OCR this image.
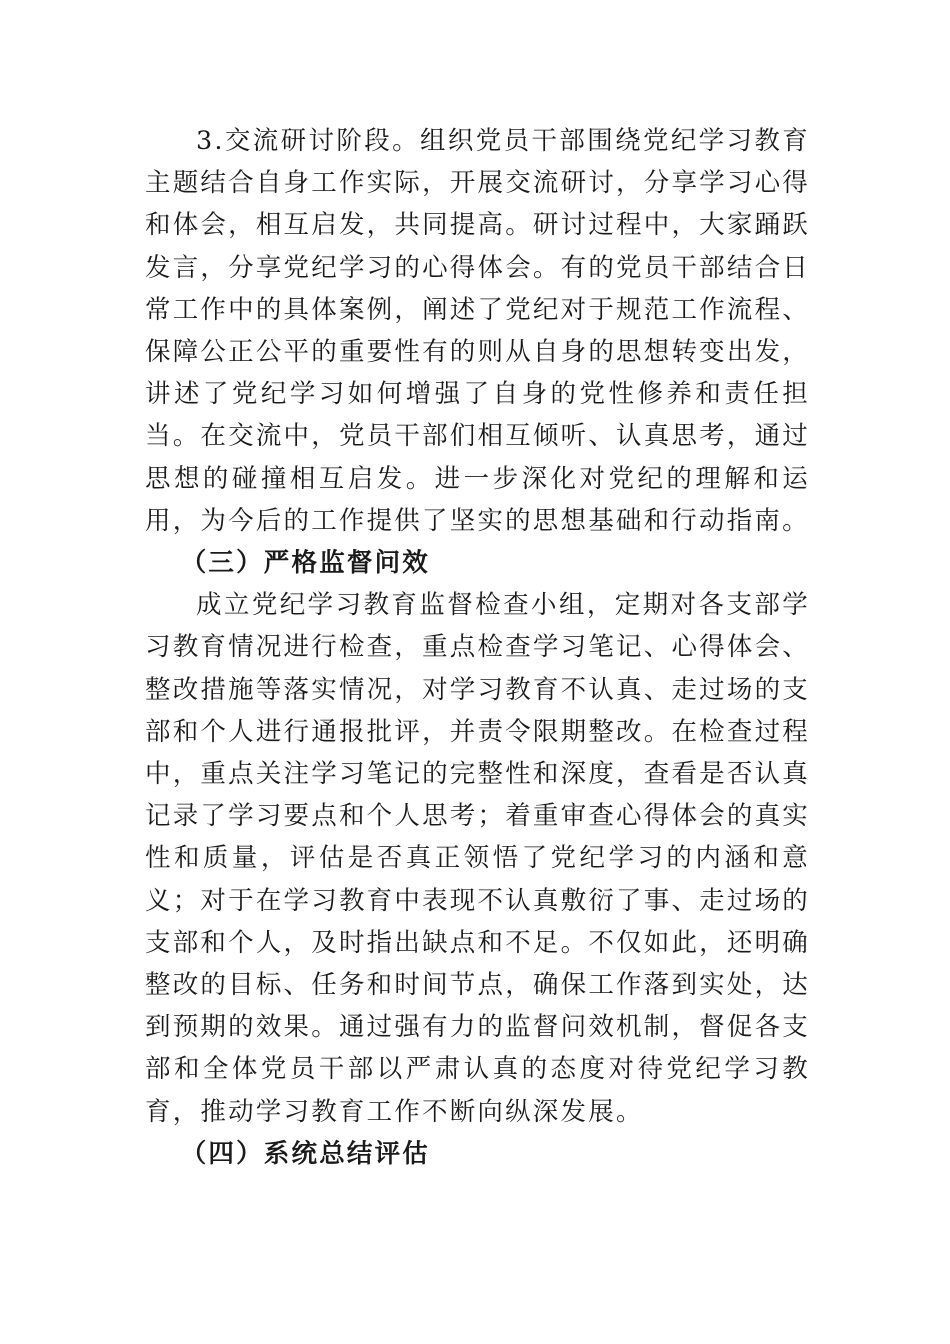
3.交流研讨阶段。组织党员干部围绕党纪学习教育主题结合自身工作实际，开展交流研讨，分享学习心得和体会，相互启发，共同提高。研讨过程中，大家踊跃发言，分享党纪学习的心得体会。有的党员干部结合日常工作中的具体案例，阐述了党纪对于规范工作流程、保障公正公平的重要性有的则从自身的思想转变出发，讲述了党纪学习如何增强了自身的党性修养和责任担当。在交流中，党员干部们相互倾听、认真思考，通过思想的碰撞相互启发。进一步深化对党纪的理解和运用，为今后的工作提供了坚实的思想基础和行动指南。

（三）严格监督问效

成立党纪学习教育监督检查小组，定期对各支部学习教育情况进行检查，重点检查学习笔记、心得体会、整改措施等落实情况，对学习教育不认真、走过场的支部和个人进行通报批评，并责令限期整改。在检查过程中，重点关注学习笔记的完整性和深度，查看是否认真记录了学习要点和个人思考；着重审查心得体会的真实性和质量，评估是否真正领悟了党纪学习的内涵和意义；对于在学习教育中表现不认真敷衍了事、走过场的支部和个人，及时指出缺点和不足。不仅如此，还明确整改的目标、任务和时间节点，确保工作落到实处，达到预期的效果。通过强有力的监督问效机制，督促各支部和全体党员干部以严肃认真的态度对待党纪学习教育，推动学习教育工作不断向纵深发展。

（四）系统总结评估
